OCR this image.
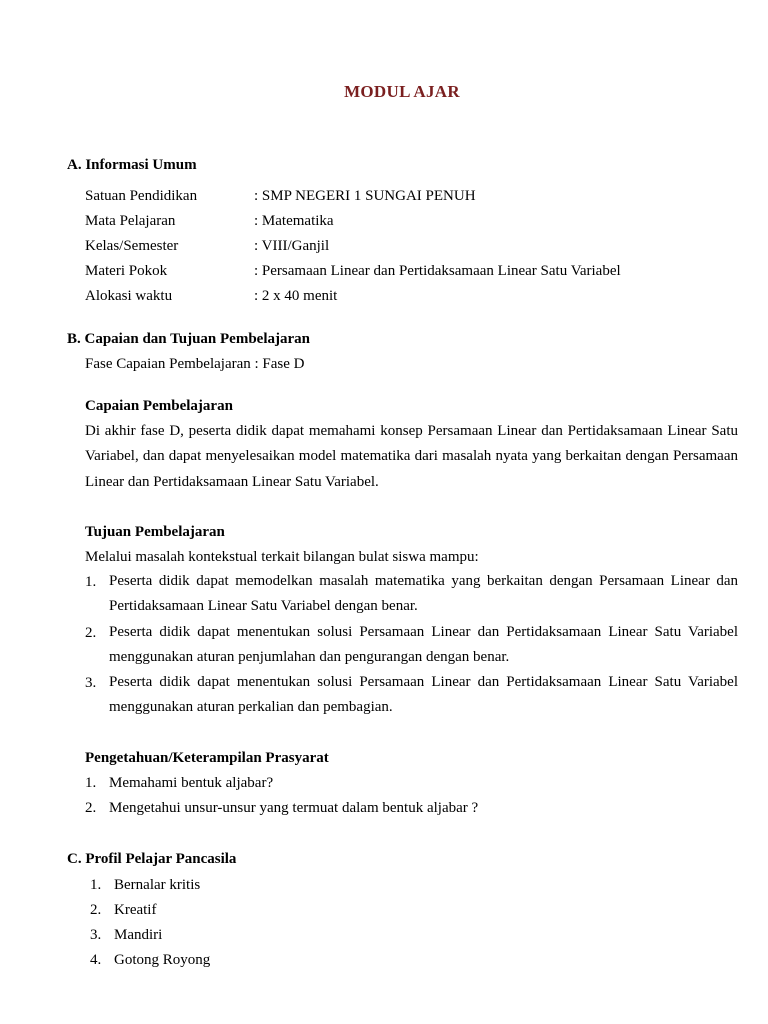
MODUL AJAR
A. Informasi Umum
Satuan Pendidikan	: SMP NEGERI 1 SUNGAI PENUH
Mata Pelajaran	: Matematika
Kelas/Semester	: VIII/Ganjil
Materi Pokok	: Persamaan Linear dan Pertidaksamaan Linear Satu Variabel
Alokasi waktu	: 2 x 40 menit
B. Capaian dan Tujuan Pembelajaran
Fase Capaian Pembelajaran : Fase D
Capaian Pembelajaran
Di akhir fase D, peserta didik dapat memahami konsep Persamaan Linear dan Pertidaksamaan Linear Satu Variabel, dan dapat menyelesaikan model matematika dari masalah nyata yang berkaitan dengan Persamaan Linear dan Pertidaksamaan Linear Satu Variabel.
Tujuan Pembelajaran
Melalui masalah kontekstual terkait bilangan bulat siswa mampu:
1. Peserta didik dapat memodelkan masalah matematika yang berkaitan dengan Persamaan Linear dan Pertidaksamaan Linear Satu Variabel dengan benar.
2. Peserta didik dapat menentukan solusi Persamaan Linear dan Pertidaksamaan Linear Satu Variabel menggunakan aturan penjumlahan dan pengurangan dengan benar.
3. Peserta didik dapat menentukan solusi Persamaan Linear dan Pertidaksamaan Linear Satu Variabel menggunakan aturan perkalian dan pembagian.
Pengetahuan/Keterampilan Prasyarat
1. Memahami bentuk aljabar?
2. Mengetahui unsur-unsur yang termuat dalam bentuk aljabar ?
C. Profil Pelajar Pancasila
1. Bernalar kritis
2. Kreatif
3. Mandiri
4. Gotong Royong
